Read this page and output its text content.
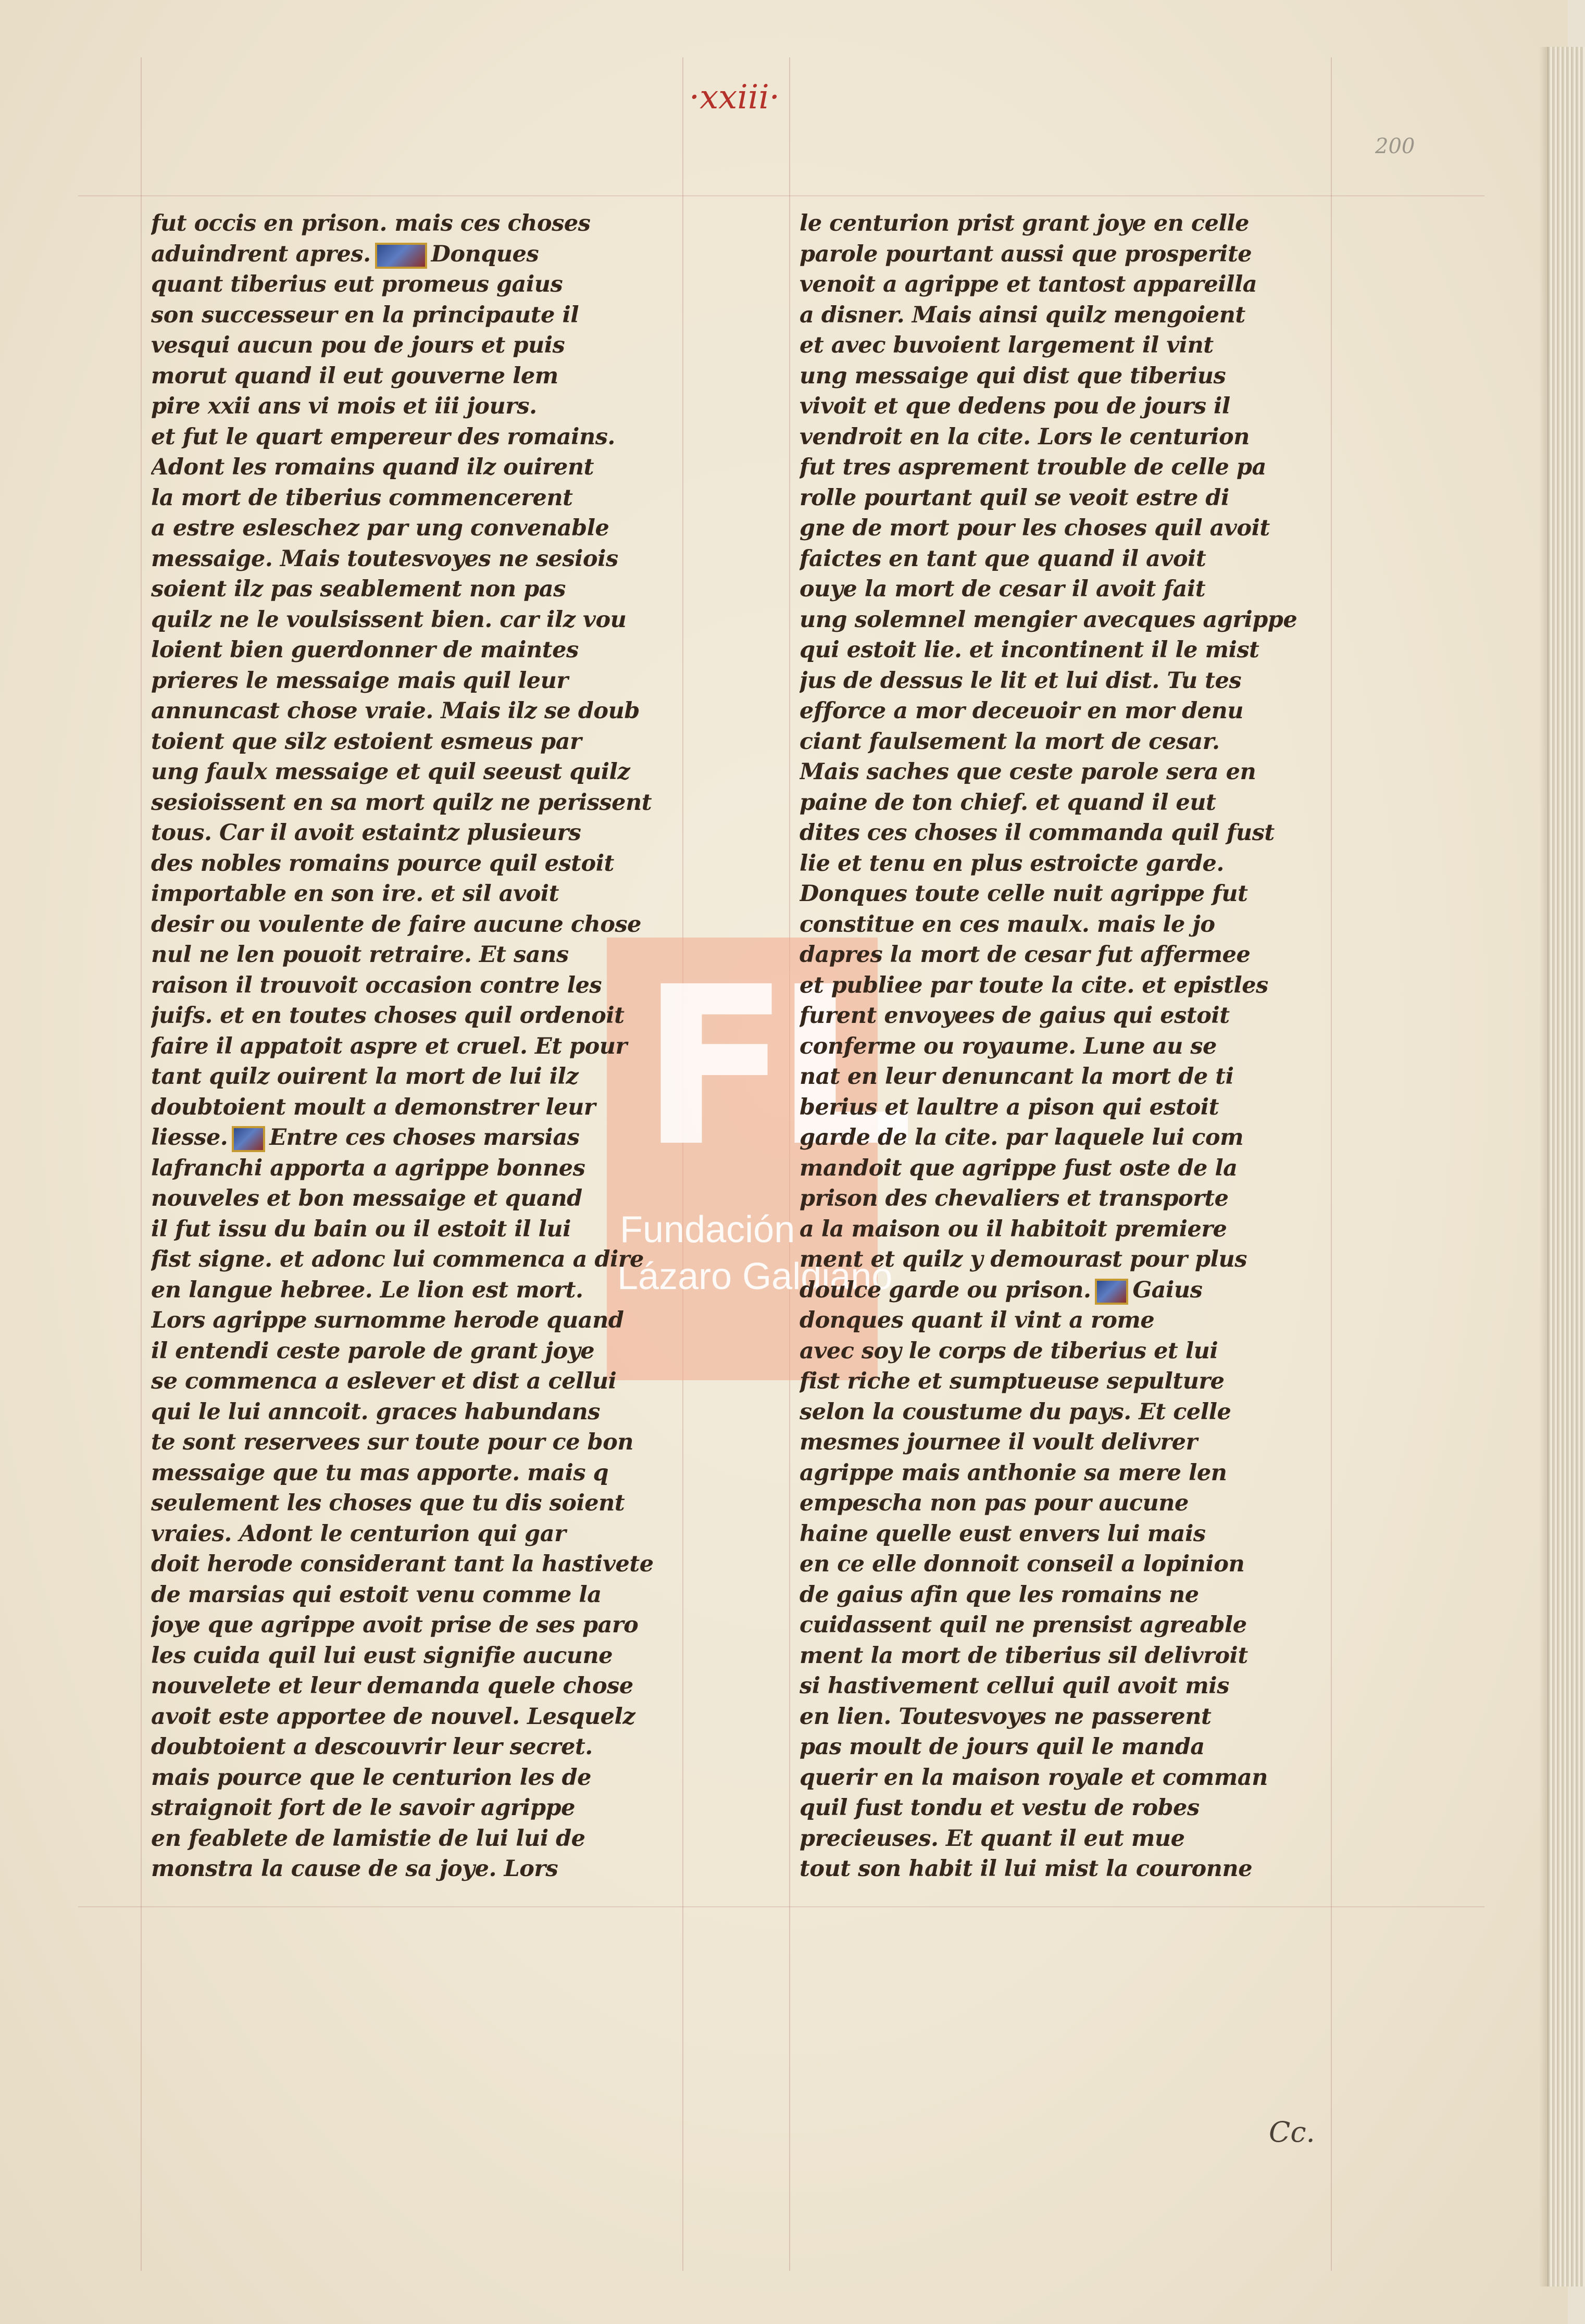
·xxiii·
200
FL
Fundación
Lázaro Galdiano
fut occis en prison. mais ces choses
aduindrent apres.	Donques
quant tiberius eut promeus gaius
son successeur en la principaute il
vesqui aucun pou de jours et puis
morut quand il eut gouverne lem
pire xxii ans vi mois et iii jours.
et fut le quart empereur des romains.
Adont les romains quand ilz ouirent
la mort de tiberius commencerent
a estre esleschez par ung convenable
messaige. Mais toutesvoyes ne sesiois
soient ilz pas seablement non pas
quilz ne le voulsissent bien. car ilz vou
loient bien guerdonner de maintes
prieres le messaige mais quil leur
annuncast chose vraie. Mais ilz se doub
toient que silz estoient esmeus par
ung faulx messaige et quil seeust quilz
sesioissent en sa mort quilz ne perissent
tous. Car il avoit estaintz plusieurs
des nobles romains pource quil estoit
importable en son ire. et sil avoit
desir ou voulente de faire aucune chose
nul ne len pouoit retraire. Et sans
raison il trouvoit occasion contre les
juifs. et en toutes choses quil ordenoit
faire il appatoit aspre et cruel. Et pour
tant quilz ouirent la mort de lui ilz
doubtoient moult a demonstrer leur
liesse. Entre ces choses marsias
lafranchi apporta a agrippe bonnes
nouveles et bon messaige et quand
il fut issu du bain ou il estoit il lui
fist signe. et adonc lui commenca a dire
en langue hebree. Le lion est mort.
Lors agrippe surnomme herode quand
il entendi ceste parole de grant joye
se commenca a eslever et dist a cellui
qui le lui anncoit. graces habundans
te sont reservees sur toute pour ce bon
messaige que tu mas apporte. mais q
seulement les choses que tu dis soient
vraies. Adont le centurion qui gar
doit herode considerant tant la hastivete
de marsias qui estoit venu comme la
joye que agrippe avoit prise de ses paro
les cuida quil lui eust signifie aucune
nouvelete et leur demanda quele chose
avoit este apportee de nouvel. Lesquelz
doubtoient a descouvrir leur secret.
mais pource que le centurion les de
straignoit fort de le savoir agrippe
en feablete de lamistie de lui lui de
monstra la cause de sa joye. Lors
le centurion prist grant joye en celle
parole pourtant aussi que prosperite
venoit a agrippe et tantost appareilla
a disner. Mais ainsi quilz mengoient
et avec buvoient largement il vint
ung messaige qui dist que tiberius
vivoit et que dedens pou de jours il
vendroit en la cite. Lors le centurion
fut tres asprement trouble de celle pa
rolle pourtant quil se veoit estre di
gne de mort pour les choses quil avoit
faictes en tant que quand il avoit
ouye la mort de cesar il avoit fait
ung solemnel mengier avecques agrippe
qui estoit lie. et incontinent il le mist
jus de dessus le lit et lui dist. Tu tes
efforce a mor deceuoir en mor denu
ciant faulsement la mort de cesar.
Mais saches que ceste parole sera en
paine de ton chief. et quand il eut
dites ces choses il commanda quil fust
lie et tenu en plus estroicte garde.
Donques toute celle nuit agrippe fut
constitue en ces maulx. mais le jo
dapres la mort de cesar fut affermee
et publiee par toute la cite. et epistles
furent envoyees de gaius qui estoit
conferme ou royaume. Lune au se
nat en leur denuncant la mort de ti
berius et laultre a pison qui estoit
garde de la cite. par laquele lui com
mandoit que agrippe fust oste de la
prison des chevaliers et transporte
a la maison ou il habitoit premiere
ment et quilz y demourast pour plus
doulce garde ou prison. Gaius
donques quant il vint a rome
avec soy le corps de tiberius et lui
fist riche et sumptueuse sepulture
selon la coustume du pays. Et celle
mesmes journee il voult delivrer
agrippe mais anthonie sa mere len
empescha non pas pour aucune
haine quelle eust envers lui mais
en ce elle donnoit conseil a lopinion
de gaius afin que les romains ne
cuidassent quil ne prensist agreable
ment la mort de tiberius sil delivroit
si hastivement cellui quil avoit mis
en lien. Toutesvoyes ne passerent
pas moult de jours quil le manda
querir en la maison royale et comman
quil fust tondu et vestu de robes
precieuses. Et quant il eut mue
tout son habit il lui mist la couronne
Cc.
